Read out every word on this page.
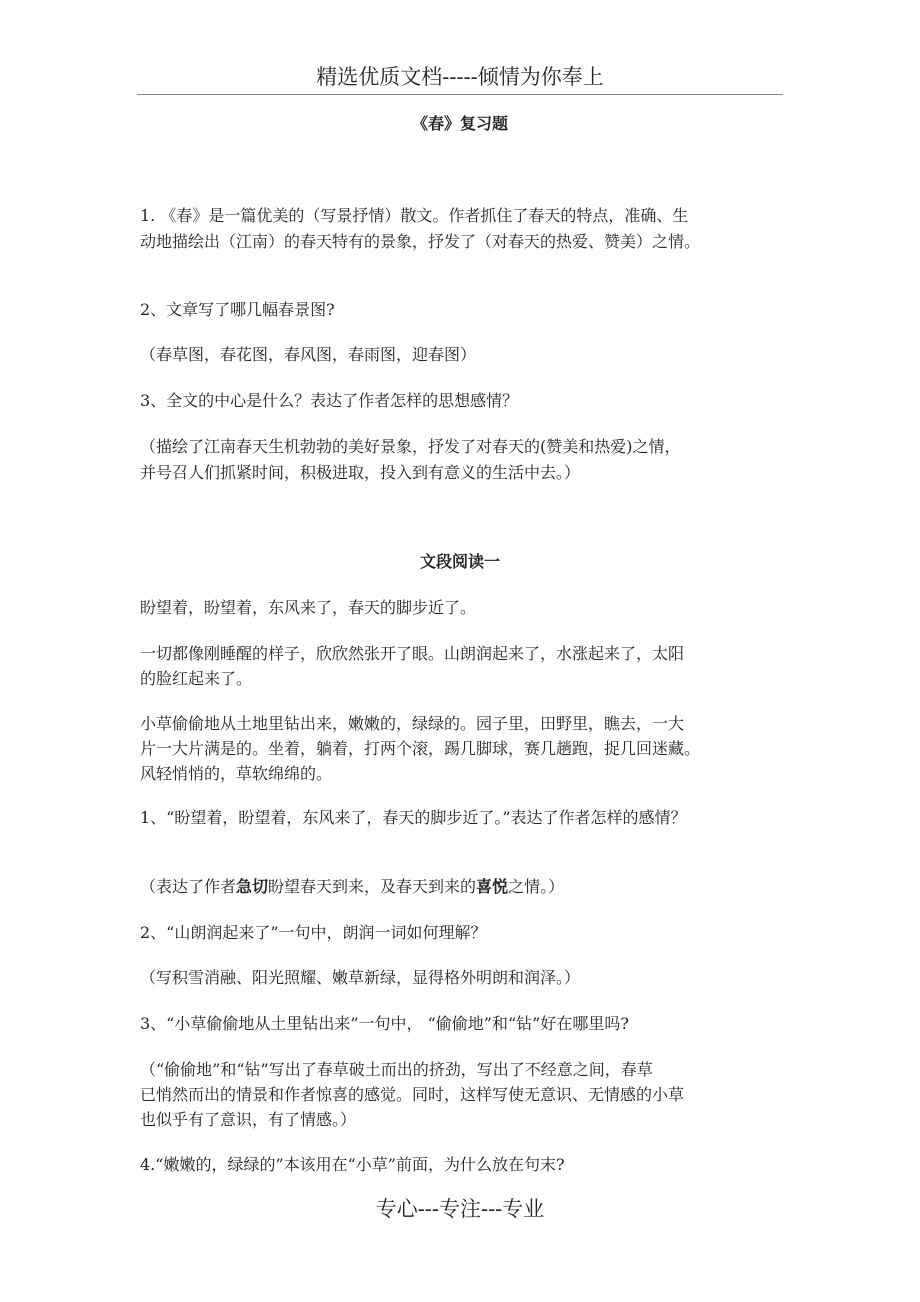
精选优质文档-----倾情为你奉上
《春》复习题
1. 《春》是一篇优美的（写景抒情）散文。作者抓住了春天的特点，准确、生
动地描绘出（江南）的春天特有的景象，抒发了（对春天的热爱、赞美）之情。
2、文章写了哪几幅春景图?
（春草图，春花图，春风图，春雨图，迎春图）
3、全文的中心是什么？表达了作者怎样的思想感情？
（描绘了江南春天生机勃勃的美好景象，抒发了对春天的(赞美和热爱)之情，
并号召人们抓紧时间，积极进取，投入到有意义的生活中去。）
文段阅读一
盼望着，盼望着，东风来了，春天的脚步近了。
一切都像刚睡醒的样子，欣欣然张开了眼。山朗润起来了，水涨起来了，太阳
的脸红起来了。
小草偷偷地从土地里钻出来，嫩嫩的，绿绿的。园子里，田野里，瞧去，一大
片一大片满是的。坐着，躺着，打两个滚，踢几脚球，赛几趟跑，捉几回迷藏。
风轻悄悄的，草软绵绵的。
1、“盼望着，盼望着，东风来了，春天的脚步近了。”表达了作者怎样的感情？
（表达了作者急切盼望春天到来，及春天到来的喜悦之情。）
2、“山朗润起来了”一句中，朗润一词如何理解？
（写积雪消融、阳光照耀、嫩草新绿，显得格外明朗和润泽。）
3、“小草偷偷地从土里钻出来”一句中， “偷偷地”和“钻”好在哪里吗?
（“偷偷地”和“钻”写出了春草破土而出的挤劲，写出了不经意之间，春草
已悄然而出的情景和作者惊喜的感觉。同时，这样写使无意识、无情感的小草
也似乎有了意识，有了情感。）
4.“嫩嫩的，绿绿的”本该用在“小草”前面，为什么放在句末?
专心---专注---专业
